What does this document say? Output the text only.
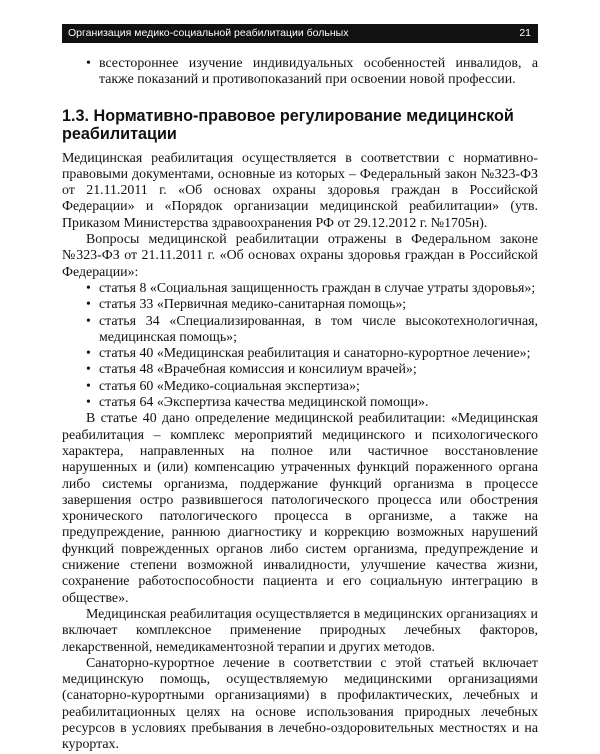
Организация медико-социальной реабилитации больных	21
• всестороннее изучение индивидуальных особенностей инвалидов, а также показаний и противопоказаний при освоении новой профессии.
1.3. Нормативно-правовое регулирование медицинской реабилитации

Медицинская реабилитация осуществляется в соответствии с нормативно-правовыми документами, основные из которых – Федеральный закон №323-ФЗ от 21.11.2011 г. «Об основах охраны здоровья граждан в Российской Федерации» и «Порядок организации медицинской реабилитации» (утв. Приказом Министерства здравоохранения РФ от 29.12.2012 г. №1705н).

Вопросы медицинской реабилитации отражены в Федеральном законе №323-ФЗ от 21.11.2011 г. «Об основах охраны здоровья граждан в Российской Федерации»:

• статья 8 «Социальная защищенность граждан в случае утраты здоровья»;
• статья 33 «Первичная медико-санитарная помощь»;
• статья 34 «Специализированная, в том числе высокотехнологичная, медицинская помощь»;
• статья 40 «Медицинская реабилитация и санаторно-курортное лечение»;
• статья 48 «Врачебная комиссия и консилиум врачей»;
• статья 60 «Медико-социальная экспертиза»;
• статья 64 «Экспертиза качества медицинской помощи».

В статье 40 дано определение медицинской реабилитации: «Медицинская реабилитация – комплекс мероприятий медицинского и психологического характера, направленных на полное или частичное восстановление нарушенных и (или) компенсацию утраченных функций пораженного органа либо системы организма, поддержание функций организма в процессе завершения остро развившегося патологического процесса или обострения хронического патологического процесса в организме, а также на предупреждение, раннюю диагностику и коррекцию возможных нарушений функций поврежденных органов либо систем организма, предупреждение и снижение степени возможной инвалидности, улучшение качества жизни, сохранение работоспособности пациента и его социальную интеграцию в обществе».

Медицинская реабилитация осуществляется в медицинских организациях и включает комплексное применение природных лечебных факторов, лекарственной, немедикаментозной терапии и других методов.

Санаторно-курортное лечение в соответствии с этой статьей включает медицинскую помощь, осуществляемую медицинскими организациями (санаторно-курортными организациями) в профилактических, лечебных и реабилитационных целях на основе использования природных лечебных ресурсов в условиях пребывания в лечебно-оздоровительных местностях и на курортах.
